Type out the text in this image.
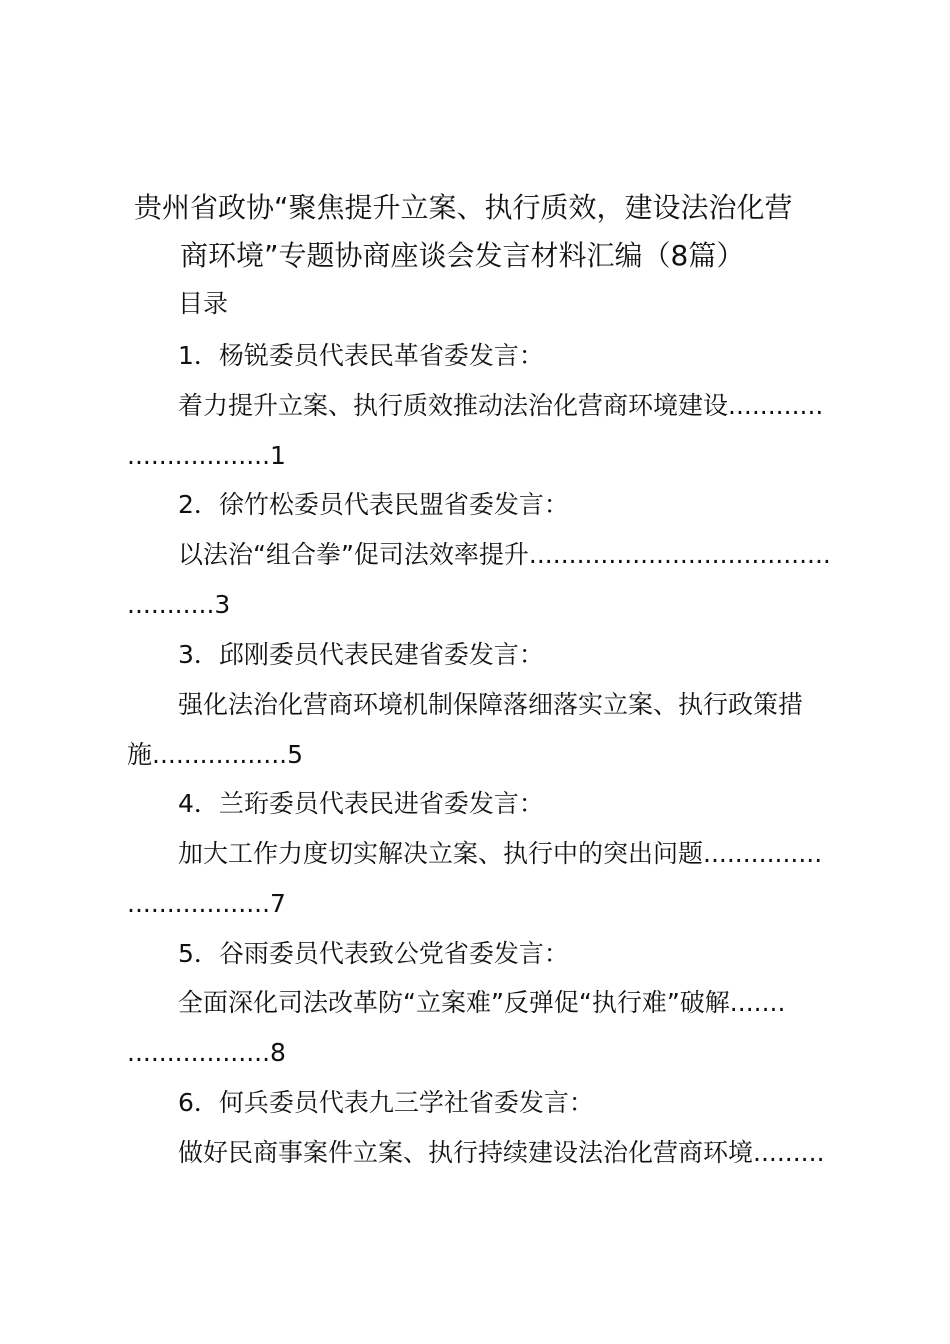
贵州省政协“聚焦提升立案、执行质效，建设法治化营
商环境”专题协商座谈会发言材料汇编（8篇）
目录
1．杨锐委员代表民革省委发言：
着力提升立案、执行质效推动法治化营商环境建设............
..................1
2．徐竹松委员代表民盟省委发言：
以法治“组合拳”促司法效率提升......................................
...........3
3．邱刚委员代表民建省委发言：
强化法治化营商环境机制保障落细落实立案、执行政策措
施.................5
4．兰珩委员代表民进省委发言：
加大工作力度切实解决立案、执行中的突出问题...............
..................7
5．谷雨委员代表致公党省委发言：
全面深化司法改革防“立案难”反弹促“执行难”破解.......
..................8
6．何兵委员代表九三学社省委发言：
做好民商事案件立案、执行持续建设法治化营商环境.........
